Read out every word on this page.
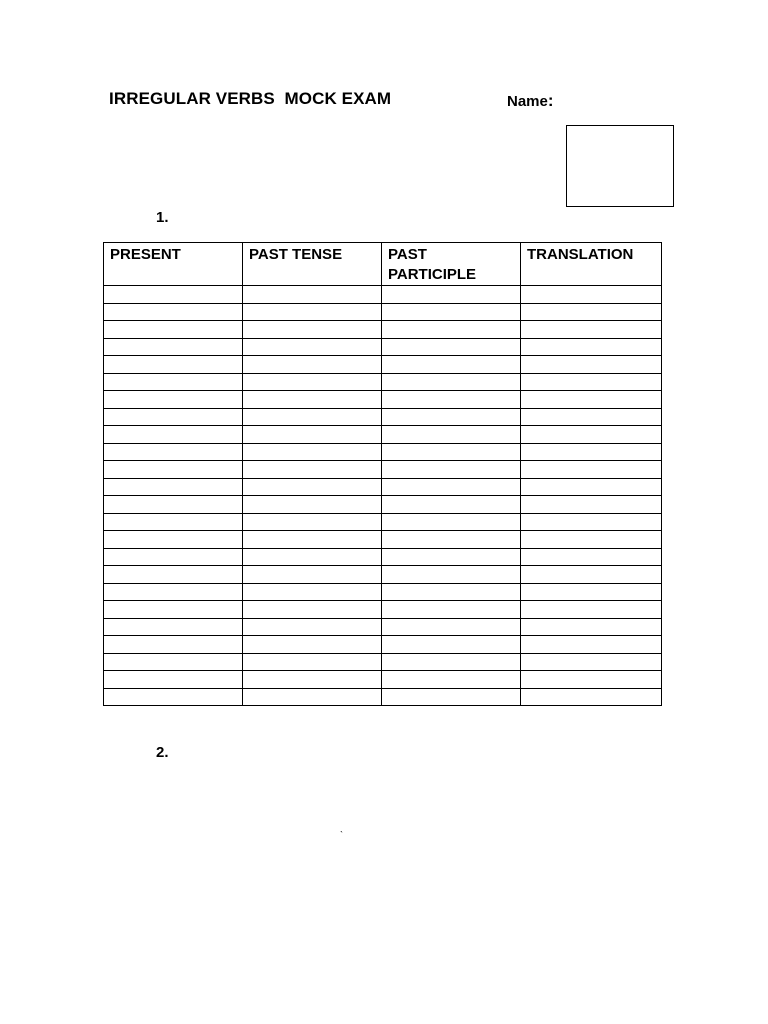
IRREGULAR VERBS  MOCK EXAM	Name:
1.
PRESENT	PAST TENSE	PAST PARTICIPLE	TRANSLATION

2.
`
